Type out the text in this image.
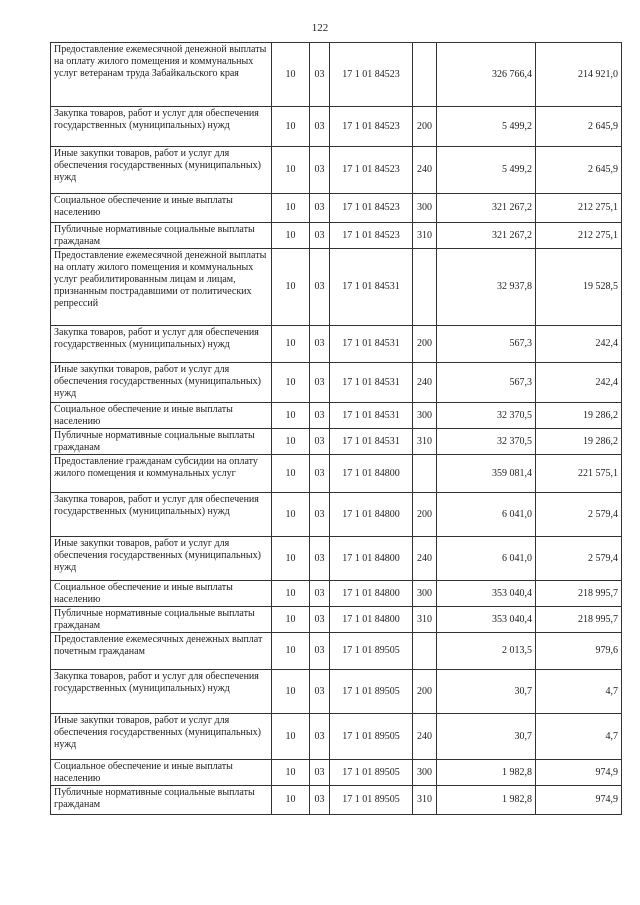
122
Предоставление ежемесячной денежной выплаты на оплату жилого помещения и коммунальных услуг ветеранам труда Забайкальского края	10	03	17 1 01 84523		326 766,4	214 921,0
Закупка товаров, работ и услуг для обеспечения государственных (муниципальных) нужд	10	03	17 1 01 84523	200	5 499,2	2 645,9
Иные закупки товаров, работ и услуг для обеспечения государственных (муниципальных) нужд	10	03	17 1 01 84523	240	5 499,2	2 645,9
Социальное обеспечение и иные выплаты населению	10	03	17 1 01 84523	300	321 267,2	212 275,1
Публичные нормативные социальные выплаты гражданам	10	03	17 1 01 84523	310	321 267,2	212 275,1
Предоставление ежемесячной денежной выплаты на оплату жилого помещения и коммунальных услуг реабилитированным лицам и лицам, признанным пострадавшими от политических репрессий	10	03	17 1 01 84531		32 937,8	19 528,5
Закупка товаров, работ и услуг для обеспечения государственных (муниципальных) нужд	10	03	17 1 01 84531	200	567,3	242,4
Иные закупки товаров, работ и услуг для обеспечения государственных (муниципальных) нужд	10	03	17 1 01 84531	240	567,3	242,4
Социальное обеспечение и иные выплаты населению	10	03	17 1 01 84531	300	32 370,5	19 286,2
Публичные нормативные социальные выплаты гражданам	10	03	17 1 01 84531	310	32 370,5	19 286,2
Предоставление гражданам субсидии на оплату жилого помещения и коммунальных услуг	10	03	17 1 01 84800		359 081,4	221 575,1
Закупка товаров, работ и услуг для обеспечения государственных (муниципальных) нужд	10	03	17 1 01 84800	200	6 041,0	2 579,4
Иные закупки товаров, работ и услуг для обеспечения государственных (муниципальных) нужд	10	03	17 1 01 84800	240	6 041,0	2 579,4
Социальное обеспечение и иные выплаты населению	10	03	17 1 01 84800	300	353 040,4	218 995,7
Публичные нормативные социальные выплаты гражданам	10	03	17 1 01 84800	310	353 040,4	218 995,7
Предоставление ежемесячных денежных выплат почетным гражданам	10	03	17 1 01 89505		2 013,5	979,6
Закупка товаров, работ и услуг для обеспечения государственных (муниципальных) нужд	10	03	17 1 01 89505	200	30,7	4,7
Иные закупки товаров, работ и услуг для обеспечения государственных (муниципальных) нужд	10	03	17 1 01 89505	240	30,7	4,7
Социальное обеспечение и иные выплаты населению	10	03	17 1 01 89505	300	1 982,8	974,9
Публичные нормативные социальные выплаты гражданам	10	03	17 1 01 89505	310	1 982,8	974,9
